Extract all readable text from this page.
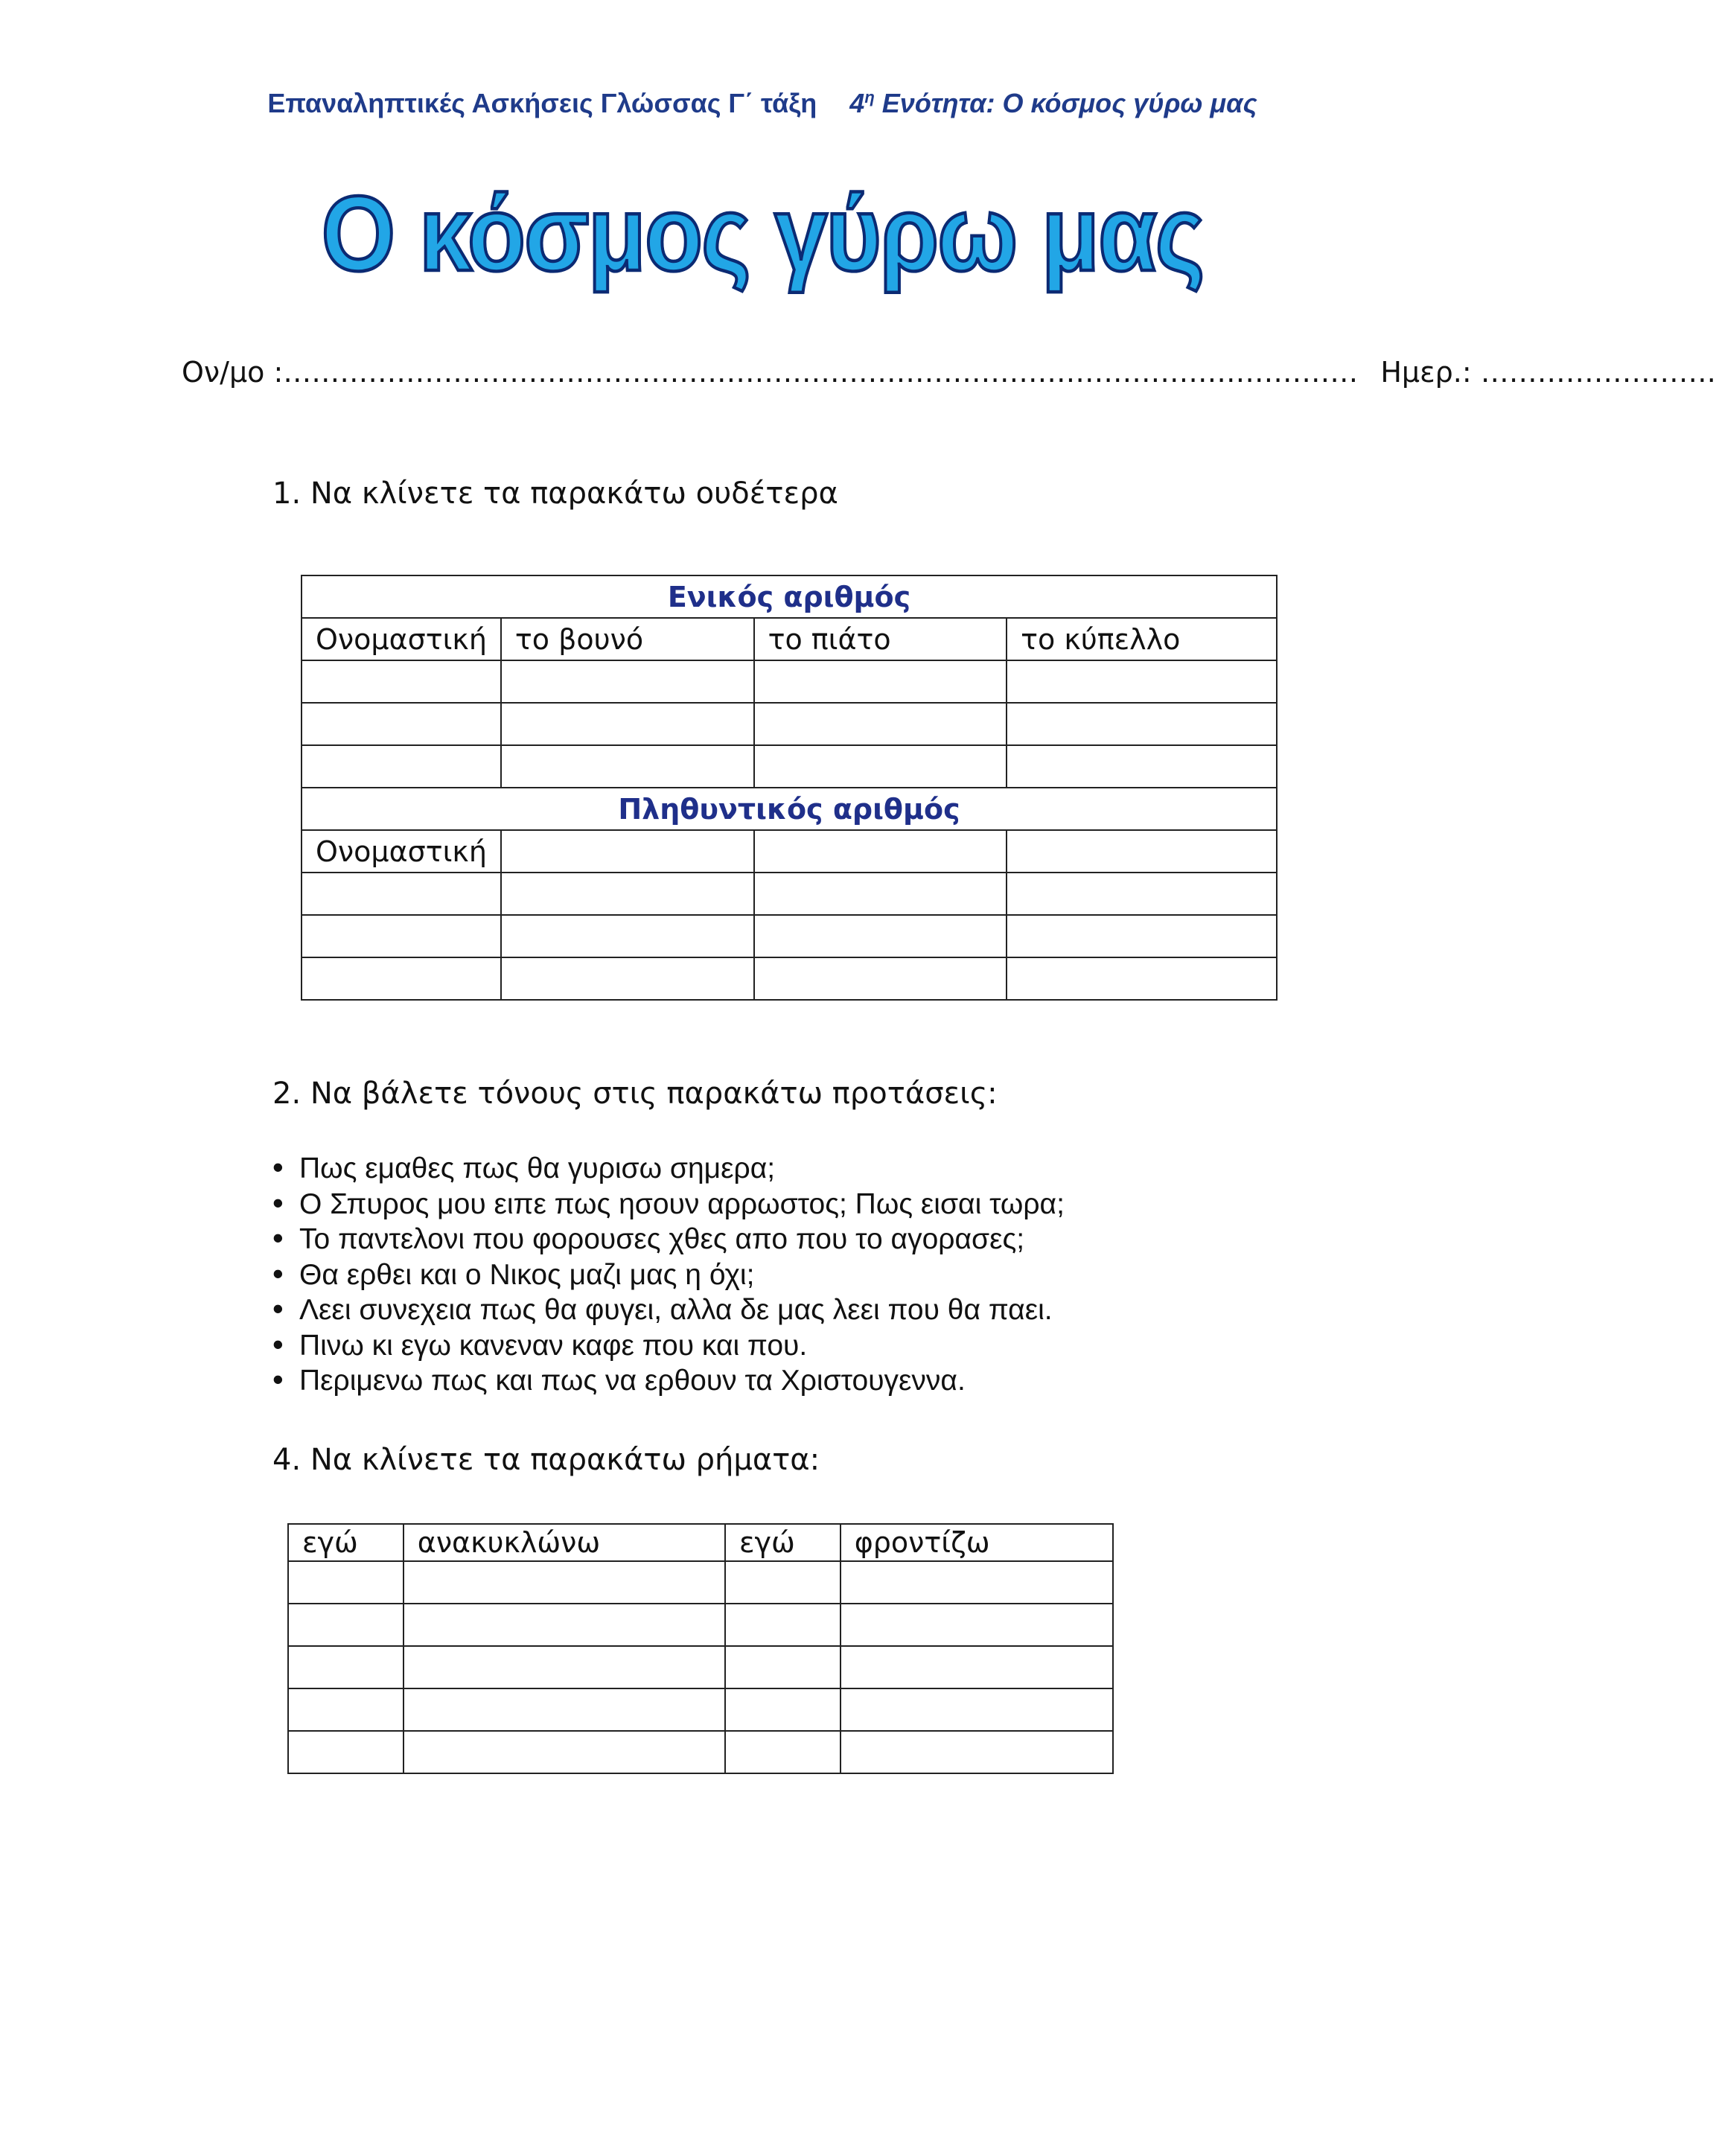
Επαναληπτικές Ασκήσεις Γλώσσας Γ΄ τάξη $4^\eta$ Ενότητα: Ο κόσμος γύρω μας
Ο κόσμος γύρω μας
Ον/μο :…………………………………………………………………………………………………… Ημερ.: …………………….
1. Να κλίνετε τα παρακάτω ουδέτερα
Ενικός αριθμός			
Ονομαστική	το βουνό	το πιάτο	το κύπελλο

Πληθυντικός αριθμός			
Ονομαστική			

2. Να βάλετε τόνους στις παρακάτω προτάσεις:
• Πως εμαθες πως θα γυρισω σημερα;
• Ο Σπυρος μου ειπε πως ησουν αρρωστος; Πως εισαι τωρα;
• Το παντελονι που φορουσες χθες απο που το αγορασες;
• Θα ερθει και ο Νικος μαζι μας η όχι;
• Λεει συνεχεια πως θα φυγει, αλλα δε μας λεει που θα παει.
• Πινω κι εγω κανεναν καφε που και που.
• Περιμενω πως και πως να ερθουν τα Χριστουγεννα.
4. Να κλίνετε τα παρακάτω ρήματα:
εγώ	ανακυκλώνω	εγώ	φροντίζω
